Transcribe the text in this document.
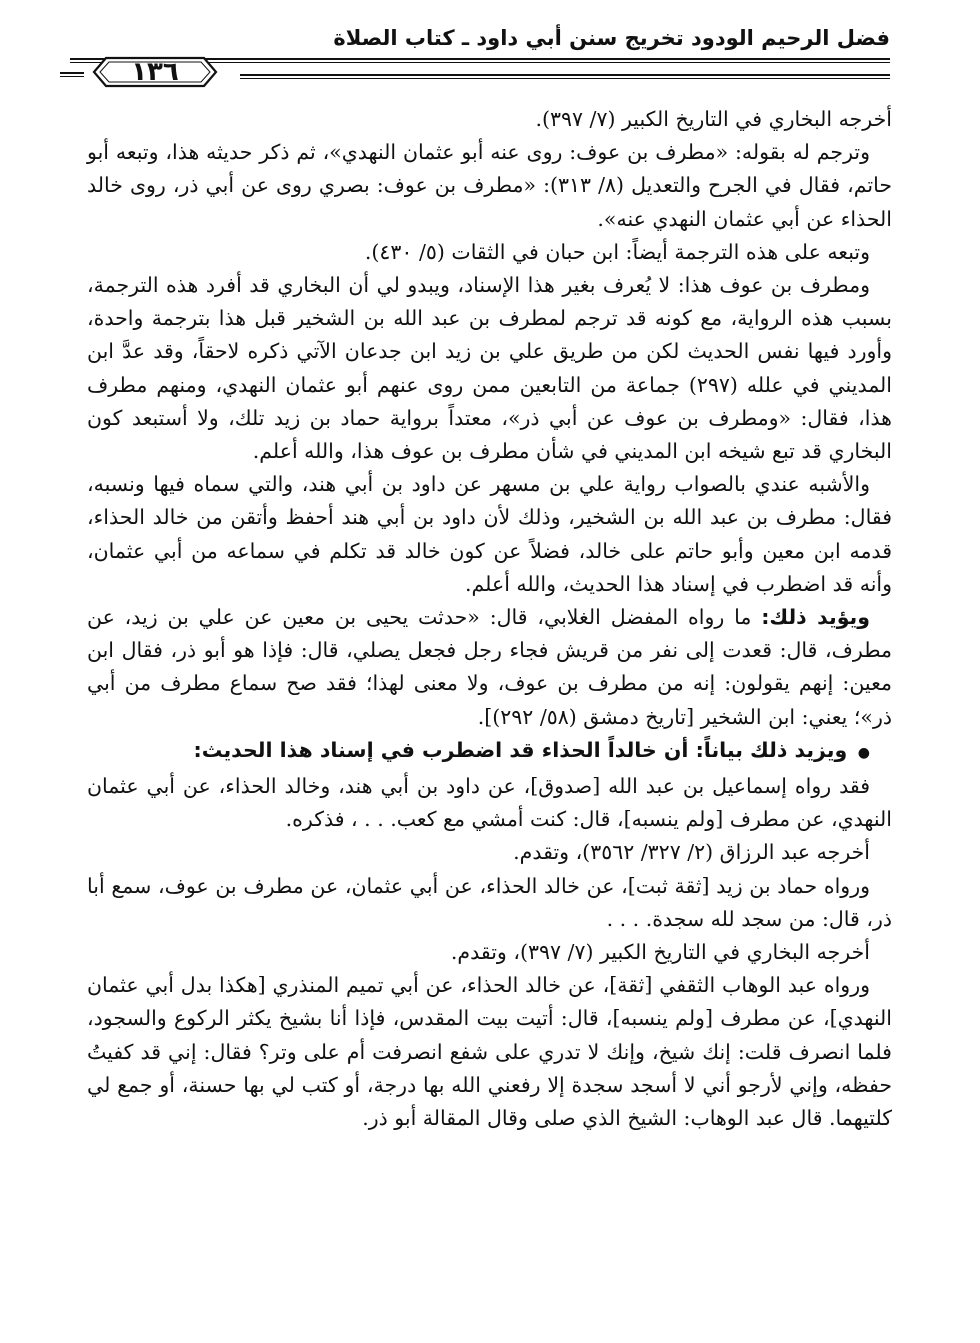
فضل الرحيم الودود تخريج سنن أبي داود ـ كتاب الصلاة
١٣٦

أخرجه البخاري في التاريخ الكبير (٧/ ٣٩٧).

وترجم له بقوله: «مطرف بن عوف: روى عنه أبو عثمان النهدي»، ثم ذكر حديثه هذا، وتبعه أبو حاتم، فقال في الجرح والتعديل (٨/ ٣١٣): «مطرف بن عوف: بصري روى عن أبي ذر، روى خالد الحذاء عن أبي عثمان النهدي عنه».

وتبعه على هذه الترجمة أيضاً: ابن حبان في الثقات (٥/ ٤٣٠).

ومطرف بن عوف هذا: لا يُعرف بغير هذا الإسناد، ويبدو لي أن البخاري قد أفرد هذه الترجمة، بسبب هذه الرواية، مع كونه قد ترجم لمطرف بن عبد الله بن الشخير قبل هذا بترجمة واحدة، وأورد فيها نفس الحديث لكن من طريق علي بن زيد ابن جدعان الآتي ذكره لاحقاً، وقد عدَّ ابن المديني في علله (٢٩٧) جماعة من التابعين ممن روى عنهم أبو عثمان النهدي، ومنهم مطرف هذا، فقال: «ومطرف بن عوف عن أبي ذر»، معتداً برواية حماد بن زيد تلك، ولا أستبعد كون البخاري قد تبع شيخه ابن المديني في شأن مطرف بن عوف هذا، والله أعلم.

والأشبه عندي بالصواب رواية علي بن مسهر عن داود بن أبي هند، والتي سماه فيها ونسبه، فقال: مطرف بن عبد الله بن الشخير، وذلك لأن داود بن أبي هند أحفظ وأتقن من خالد الحذاء، قدمه ابن معين وأبو حاتم على خالد، فضلاً عن كون خالد قد تكلم في سماعه من أبي عثمان، وأنه قد اضطرب في إسناد هذا الحديث، والله أعلم.

ويؤيد ذلك: ما رواه المفضل الغلابي، قال: «حدثت يحيى بن معين عن علي بن زيد، عن مطرف، قال: قعدت إلى نفر من قريش فجاء رجل فجعل يصلي، قال: فإذا هو أبو ذر، فقال ابن معين: إنهم يقولون: إنه من مطرف بن عوف، ولا معنى لهذا؛ فقد صح سماع مطرف من أبي ذر»؛ يعني: ابن الشخير [تاريخ دمشق (٥٨/ ٢٩٢)].

● ويزيد ذلك بياناً: أن خالداً الحذاء قد اضطرب في إسناد هذا الحديث:

فقد رواه إسماعيل بن عبد الله [صدوق]، عن داود بن أبي هند، وخالد الحذاء، عن أبي عثمان النهدي، عن مطرف [ولم ينسبه]، قال: كنت أمشي مع كعب. . . ، فذكره.

أخرجه عبد الرزاق (٢/ ٣٢٧/ ٣٥٦٢)، وتقدم.

ورواه حماد بن زيد [ثقة ثبت]، عن خالد الحذاء، عن أبي عثمان، عن مطرف بن عوف، سمع أبا ذر، قال: من سجد لله سجدة. . . .

أخرجه البخاري في التاريخ الكبير (٧/ ٣٩٧)، وتقدم.

ورواه عبد الوهاب الثقفي [ثقة]، عن خالد الحذاء، عن أبي تميم المنذري [هكذا بدل أبي عثمان النهدي]، عن مطرف [ولم ينسبه]، قال: أتيت بيت المقدس، فإذا أنا بشيخ يكثر الركوع والسجود، فلما انصرف قلت: إنك شيخ، وإنك لا تدري على شفع انصرفت أم على وتر؟ فقال: إني قد كفيتُ حفظه، وإني لأرجو أني لا أسجد سجدة إلا رفعني الله بها درجة، أو كتب لي بها حسنة، أو جمع لي كلتيهما. قال عبد الوهاب: الشيخ الذي صلى وقال المقالة أبو ذر.
